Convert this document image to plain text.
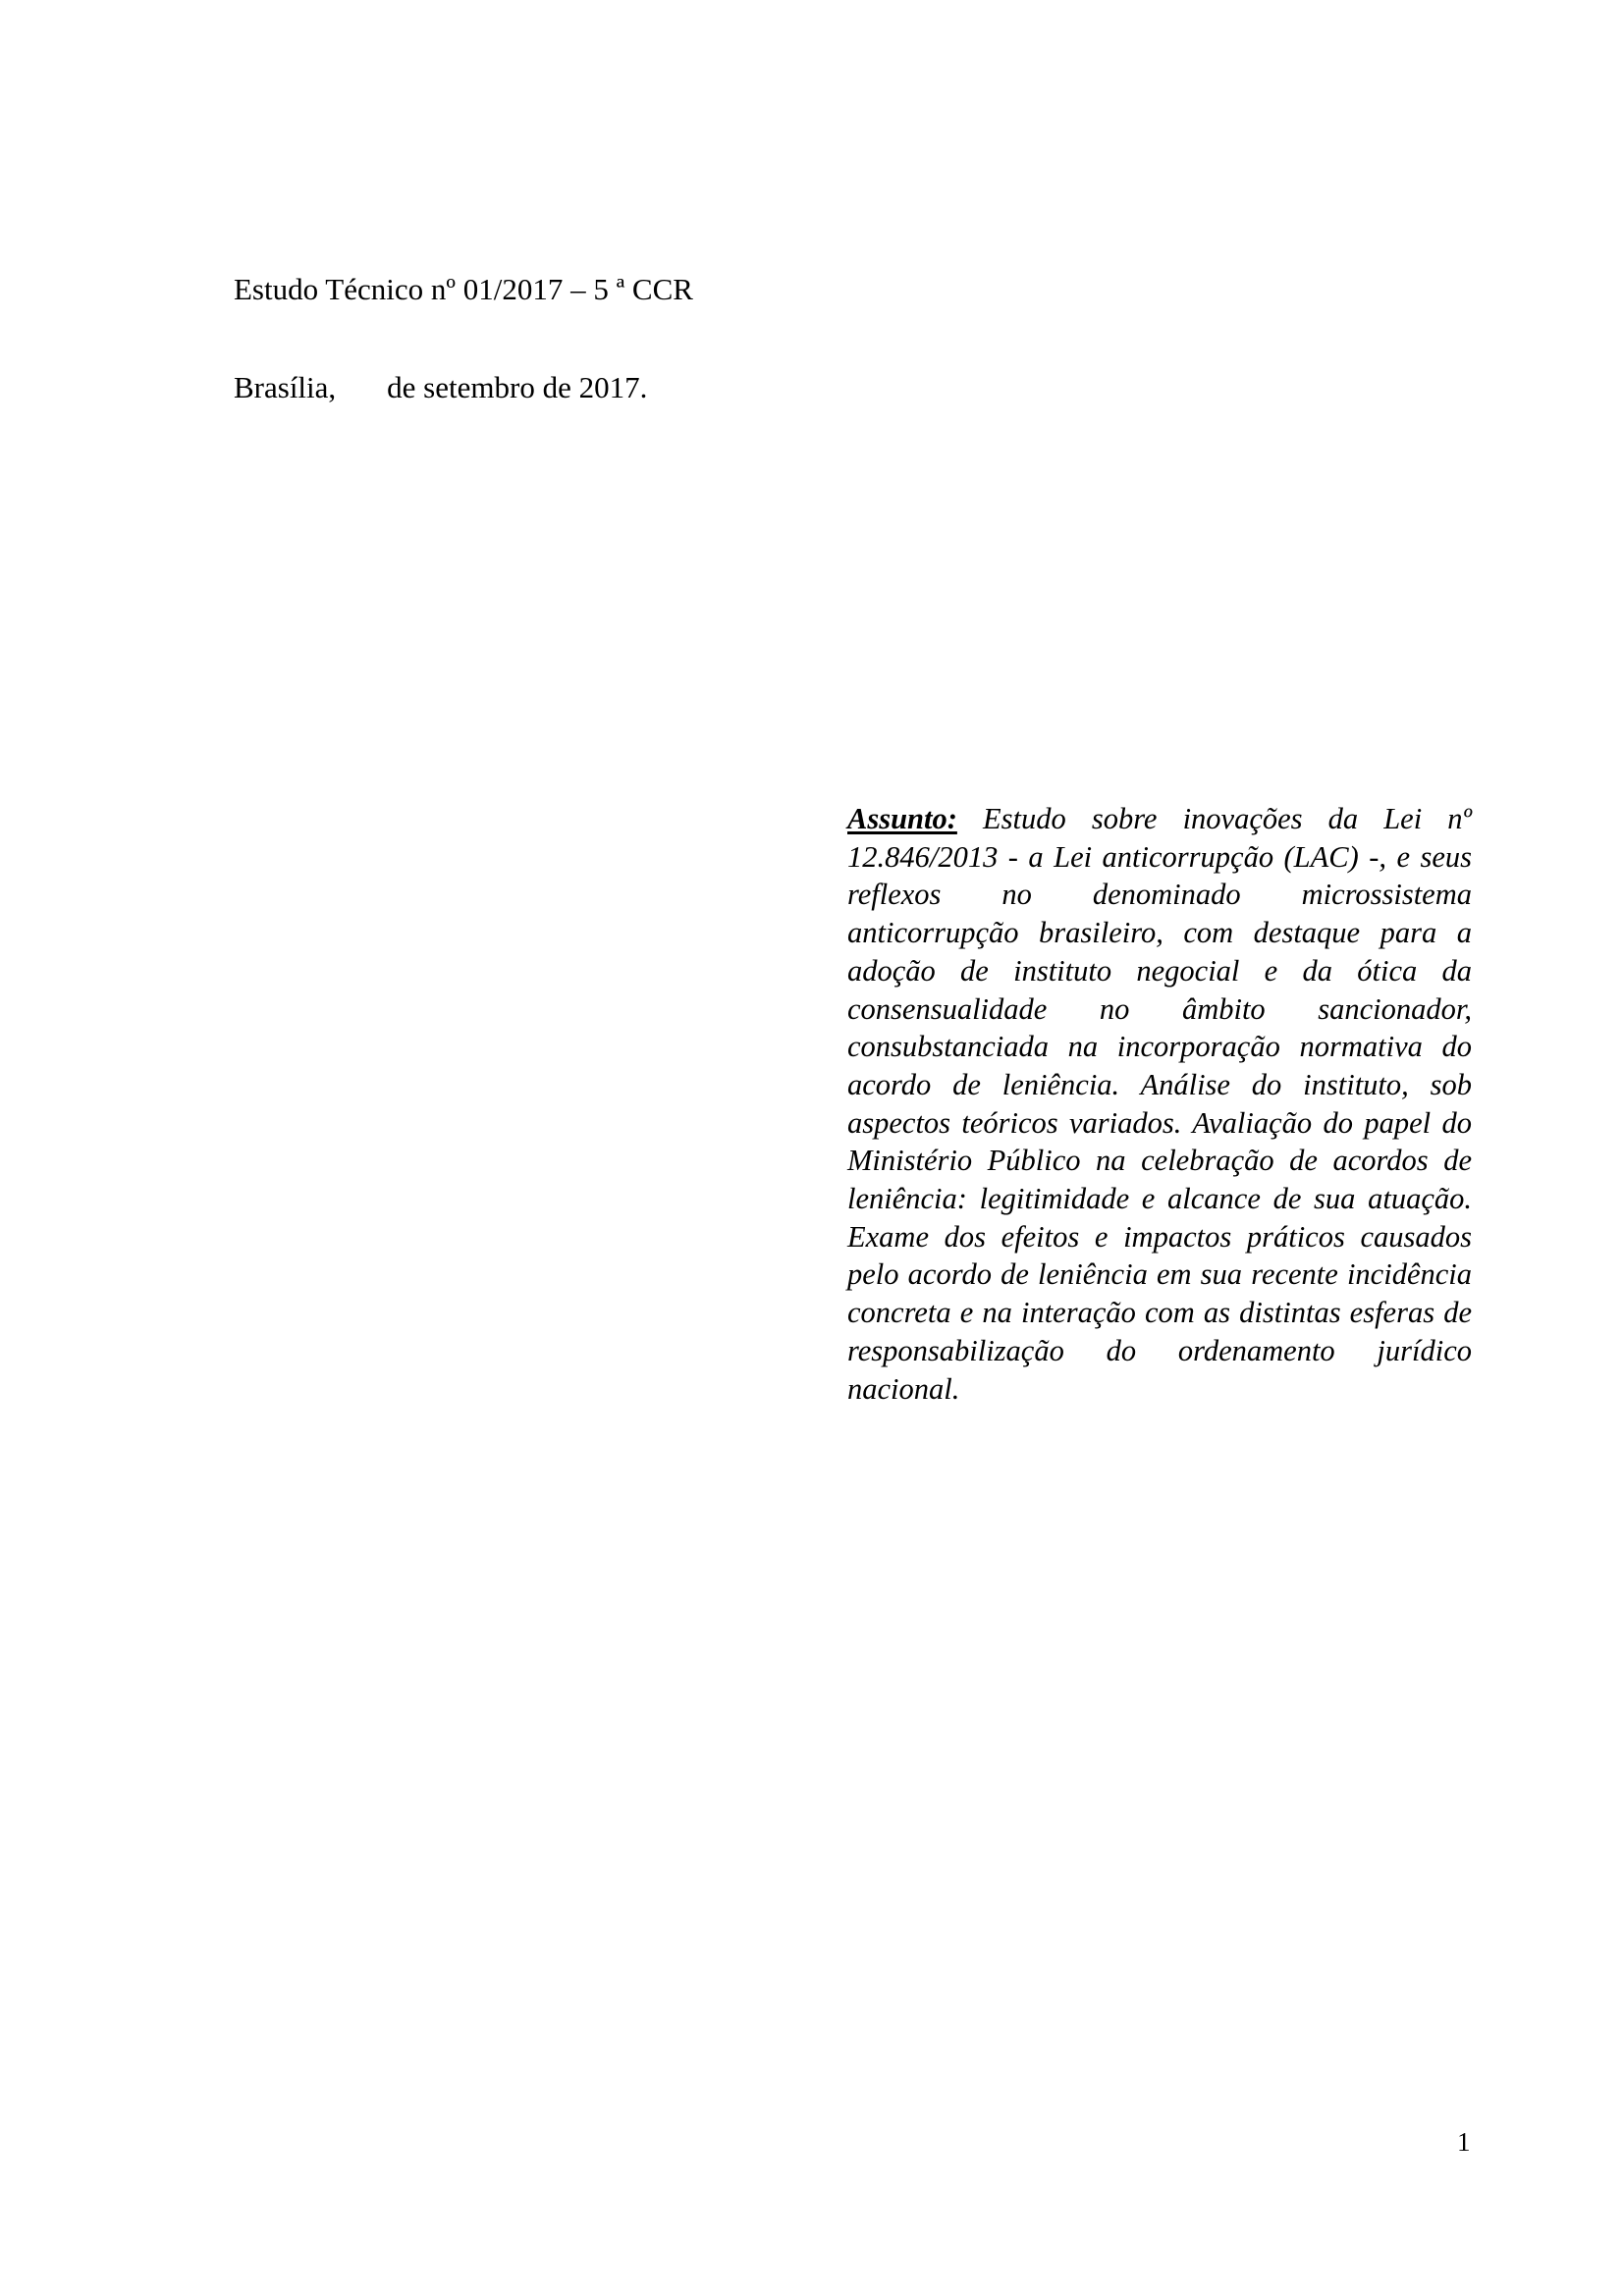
Estudo Técnico nº 01/2017 – 5 ª CCR
Brasília, de setembro de 2017.
Assunto: Estudo sobre inovações da Lei nº 12.846/2013 - a Lei anticorrupção (LAC) -, e seus reflexos no denominado microssistema anticorrupção brasileiro, com destaque para a adoção de instituto negocial e da ótica da consensualidade no âmbito sancionador, consubstanciada na incorporação normativa do acordo de leniência. Análise do instituto, sob aspectos teóricos variados. Avaliação do papel do Ministério Público na celebração de acordos de leniência: legitimidade e alcance de sua atuação. Exame dos efeitos e impactos práticos causados pelo acordo de leniência em sua recente incidência concreta e na interação com as distintas esferas de responsabilização do ordenamento jurídico nacional.
1
